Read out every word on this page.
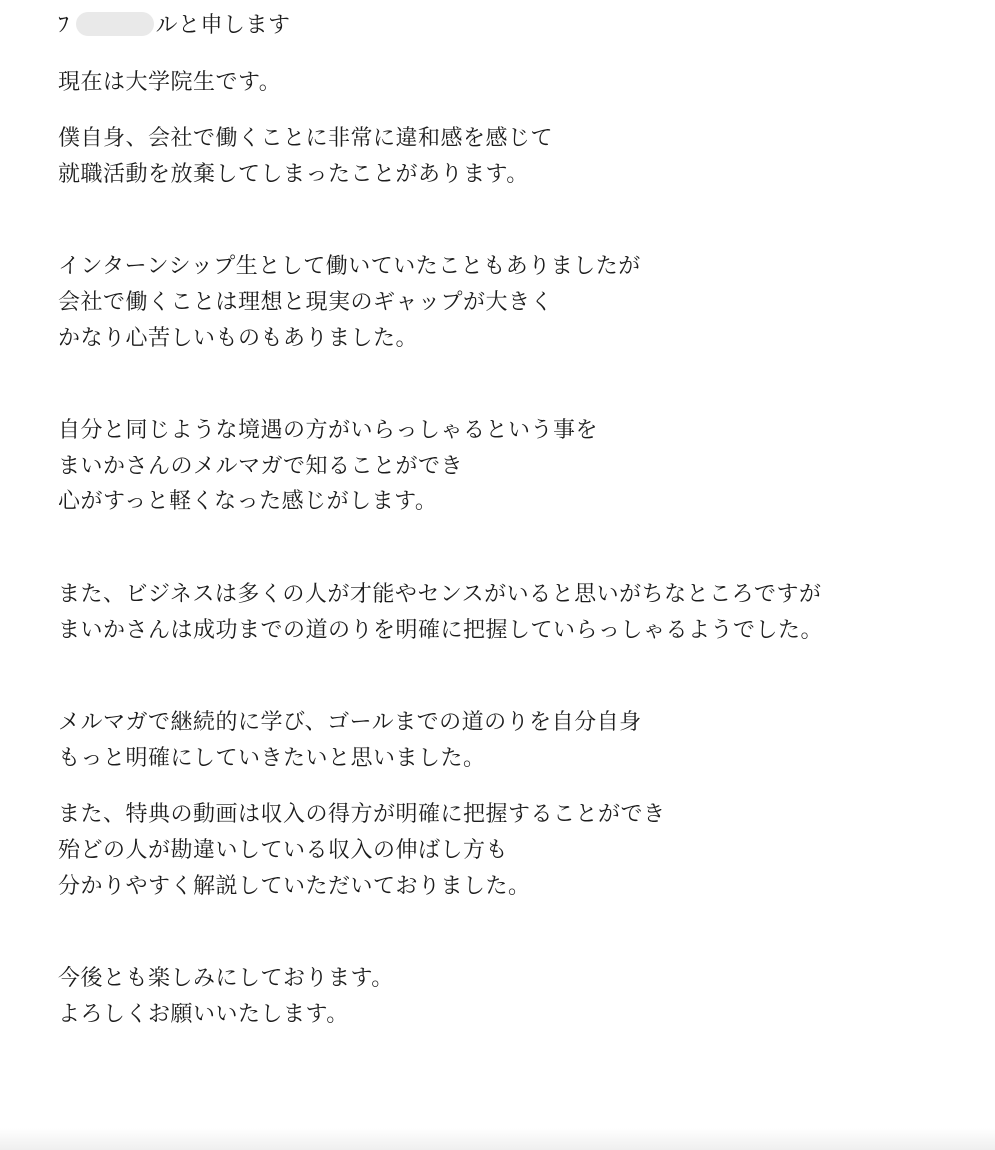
ﾌ	ルと申します
現在は大学院生です。
僕自身、会社で働くことに非常に違和感を感じて
就職活動を放棄してしまったことがあります。
インターンシップ生として働いていたこともありましたが
会社で働くことは理想と現実のギャップが大きく
かなり心苦しいものもありました。
自分と同じような境遇の方がいらっしゃるという事を
まいかさんのメルマガで知ることができ
心がすっと軽くなった感じがします。
また、ビジネスは多くの人が才能やセンスがいると思いがちなところですが
まいかさんは成功までの道のりを明確に把握していらっしゃるようでした。
メルマガで継続的に学び、ゴールまでの道のりを自分自身
もっと明確にしていきたいと思いました。
また、特典の動画は収入の得方が明確に把握することができ
殆どの人が勘違いしている収入の伸ばし方も
分かりやすく解説していただいておりました。
今後とも楽しみにしております。
よろしくお願いいたします。
